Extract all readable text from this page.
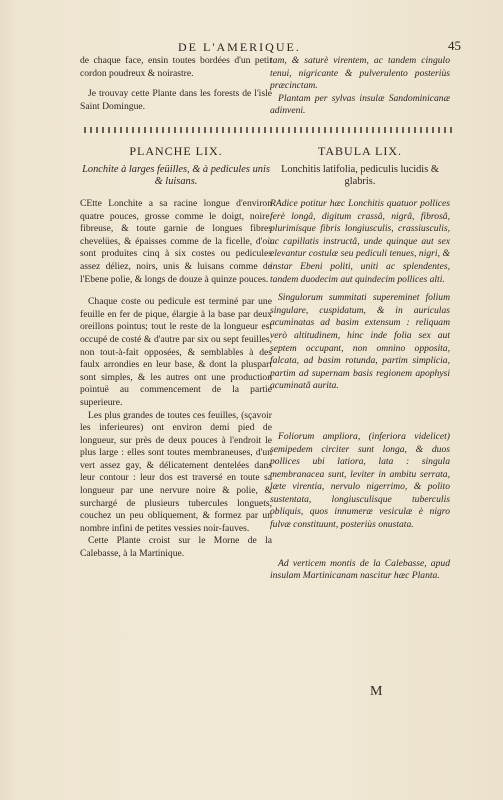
DE L'AMERIQUE.	45

de chaque face, ensin toutes bordées d'un petit cordon poudreux & noirastre.

Je trouvay cette Plante dans les forests de l'isle Saint Domingue.

tam, & saturè virentem, ac tandem cingulo tenui, nigricante & pulverulento posteriùs præcinctam.

Plantam per sylvas insulæ Sandominicanæ adinveni.

PLANCHE LIX.	TABULA LIX.
Lonchite à larges feüilles, & à pedicules unis & luisans.
Lonchitis latifolia, pediculis lucidis & glabris.

CEtte Lonchite a sa racine longue d'environ quatre pouces, grosse comme le doigt, noire, fibreuse, & toute garnie de longues fibres chevelües, & épaisses comme de la ficelle, d'où sont produites cinq à six costes ou pedicules assez déliez, noirs, unis & luisans comme de l'Ebene polie, & longs de douze à quinze pouces.

Chaque coste ou pedicule est terminé par une feuille en fer de pique, élargie à la base par deux oreillons pointus; tout le reste de la longueur est occupé de costé & d'autre par six ou sept feuilles, non tout-à-fait opposées, & semblables à des faulx arrondies en leur base, & dont la pluspart sont simples, & les autres ont une production pointuë au commencement de la partie superieure.

Les plus grandes de toutes ces feuilles, (sçavoir les inferieures) ont environ demi pied de longueur, sur près de deux pouces à l'endroit le plus large : elles sont toutes membraneuses, d'un vert assez gay, & délicatement dentelées dans leur contour : leur dos est traversé en toute sa longueur par une nervure noire & polie, & surchargé de plusieurs tubercules longuets, couchez un peu obliquement, & formez par un nombre infini de petites vessies noir-fauves.

Cette Plante croist sur le Morne de la Calebasse, à la Martinique.

RAdice potitur hæc Lonchitis quatuor pollices ferè longâ, digitum crassâ, nigrâ, fibrosâ, plurimísque fibris longiusculis, crassiusculis, ac capillatis instructâ, unde quinque aut sex elevantur costulæ seu pediculi tenues, nigri, & instar Ebeni politi, uniti ac splendentes, tandem duodecim aut quindecim pollices alti.

Singulorum summitati supereminet folium singulare, cuspidatum, & in auriculas acuminatas ad basim extensum : reliquam verò altitudinem, hinc inde folia sex aut septem occupant, non omnino opposita, falcata, ad basim rotunda, partim simplicia, partim ad supernam basis regionem apophysi acuminatâ aurita.

Foliorum ampliora, (inferiora videlicet) semipedem circiter sunt longa, & duos pollices ubi latiora, lata : singula membranacea sunt, leviter in ambitu serrata, læte virentia, nervulo nigerrimo, & polito sustentata, longiusculisque tuberculis obliquis, quos innumeræ vesiculæ è nigro fulvæ constituunt, posteriùs onustata.

Ad verticem montis de la Calebasse, apud insulam Martinicanam nascitur hæc Planta.

M
